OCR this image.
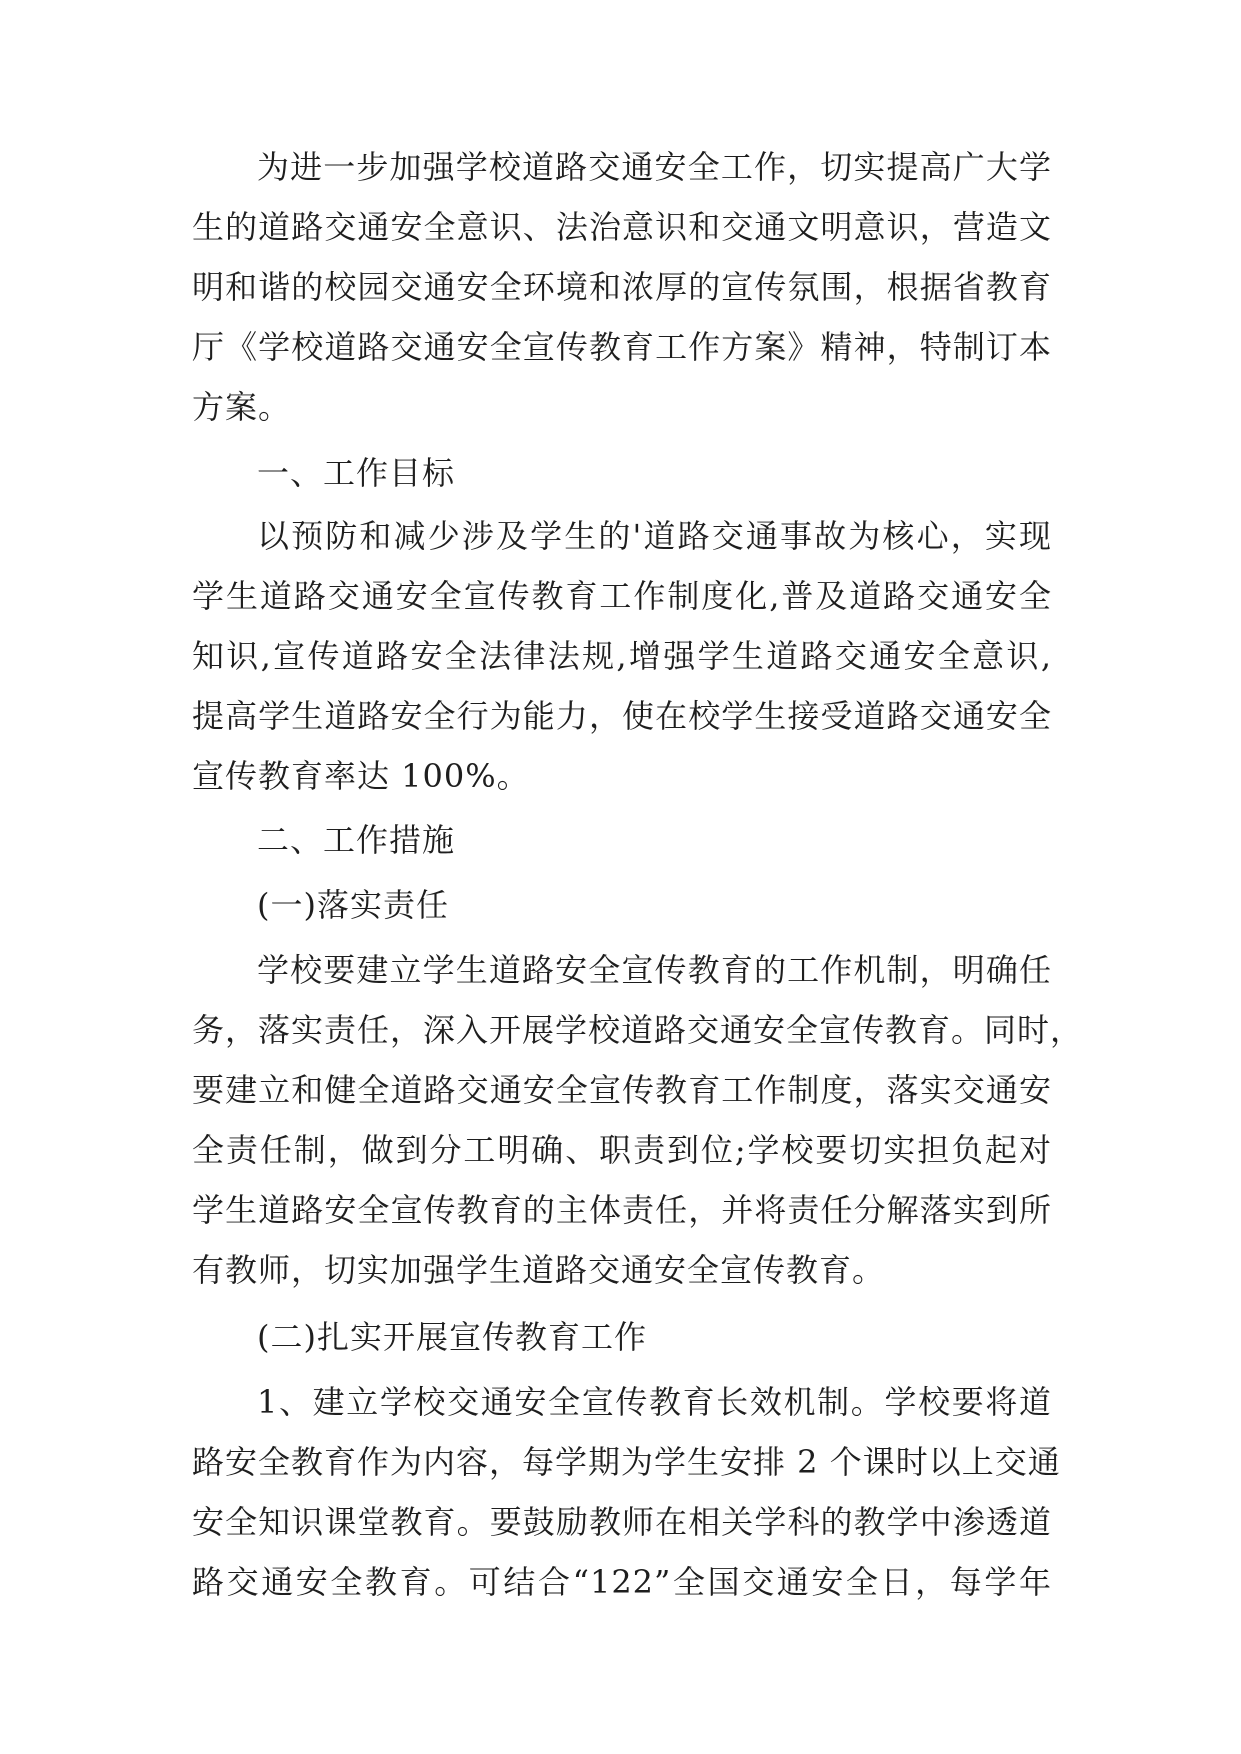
为进一步加强学校道路交通安全工作，切实提高广大学
生的道路交通安全意识、法治意识和交通文明意识，营造文
明和谐的校园交通安全环境和浓厚的宣传氛围，根据省教育
厅《学校道路交通安全宣传教育工作方案》精神，特制订本
方案。
一、工作目标
以预防和减少涉及学生的'道路交通事故为核心，实现
学生道路交通安全宣传教育工作制度化,普及道路交通安全
知识,宣传道路安全法律法规,增强学生道路交通安全意识,
提高学生道路安全行为能力，使在校学生接受道路交通安全
宣传教育率达 100%。
二、工作措施
(一)落实责任
学校要建立学生道路安全宣传教育的工作机制，明确任
务，落实责任，深入开展学校道路交通安全宣传教育。同时，
要建立和健全道路交通安全宣传教育工作制度，落实交通安
全责任制，做到分工明确、职责到位;学校要切实担负起对
学生道路安全宣传教育的主体责任，并将责任分解落实到所
有教师，切实加强学生道路交通安全宣传教育。
(二)扎实开展宣传教育工作
1、建立学校交通安全宣传教育长效机制。学校要将道
路安全教育作为内容，每学期为学生安排 2 个课时以上交通
安全知识课堂教育。要鼓励教师在相关学科的教学中渗透道
路交通安全教育。可结合“122”全国交通安全日，每学年
